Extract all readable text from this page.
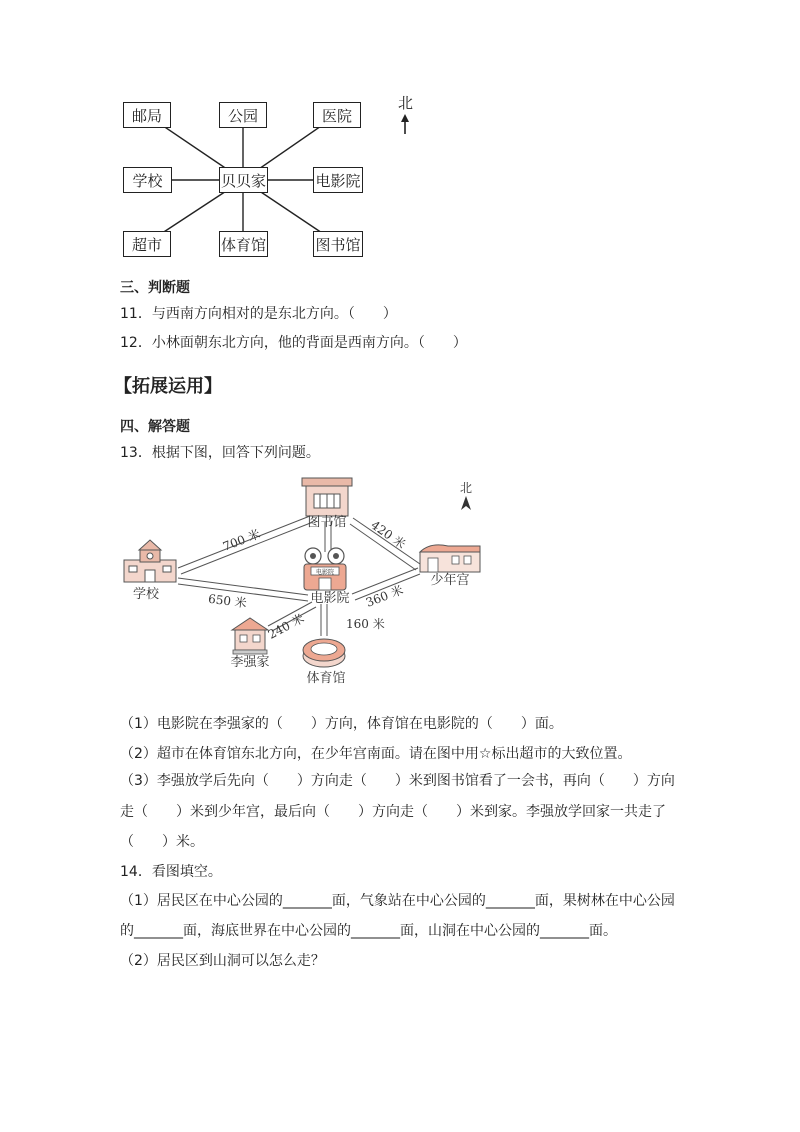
北
邮局	公园	医院
学校	贝贝家	电影院
超市	体育馆	图书馆
三、判断题
11．与西南方向相对的是东北方向。（　　）
12．小林面朝东北方向，他的背面是西南方向。（　　）
【拓展运用】
四、解答题
13．根据下图，回答下列问题。
电影院
图书馆
学校
少年宫
电影院
李强家
体育馆
北
700 米	420 米
650 米	360 米
240 米	160 米
（1）电影院在李强家的（　　）方向，体育馆在电影院的（　　）面。
（2）超市在体育馆东北方向，在少年宫南面。请在图中用☆标出超市的大致位置。
（3）李强放学后先向（　　）方向走（　　）米到图书馆看了一会书，再向（　　）方向
走（　　）米到少年宫，最后向（　　）方向走（　　）米到家。李强放学回家一共走了
（　　）米。
14．看图填空。
（1）居民区在中心公园的_______面，气象站在中心公园的_______面，果树林在中心公园
的_______面，海底世界在中心公园的_______面，山洞在中心公园的_______面。
（2）居民区到山洞可以怎么走？
